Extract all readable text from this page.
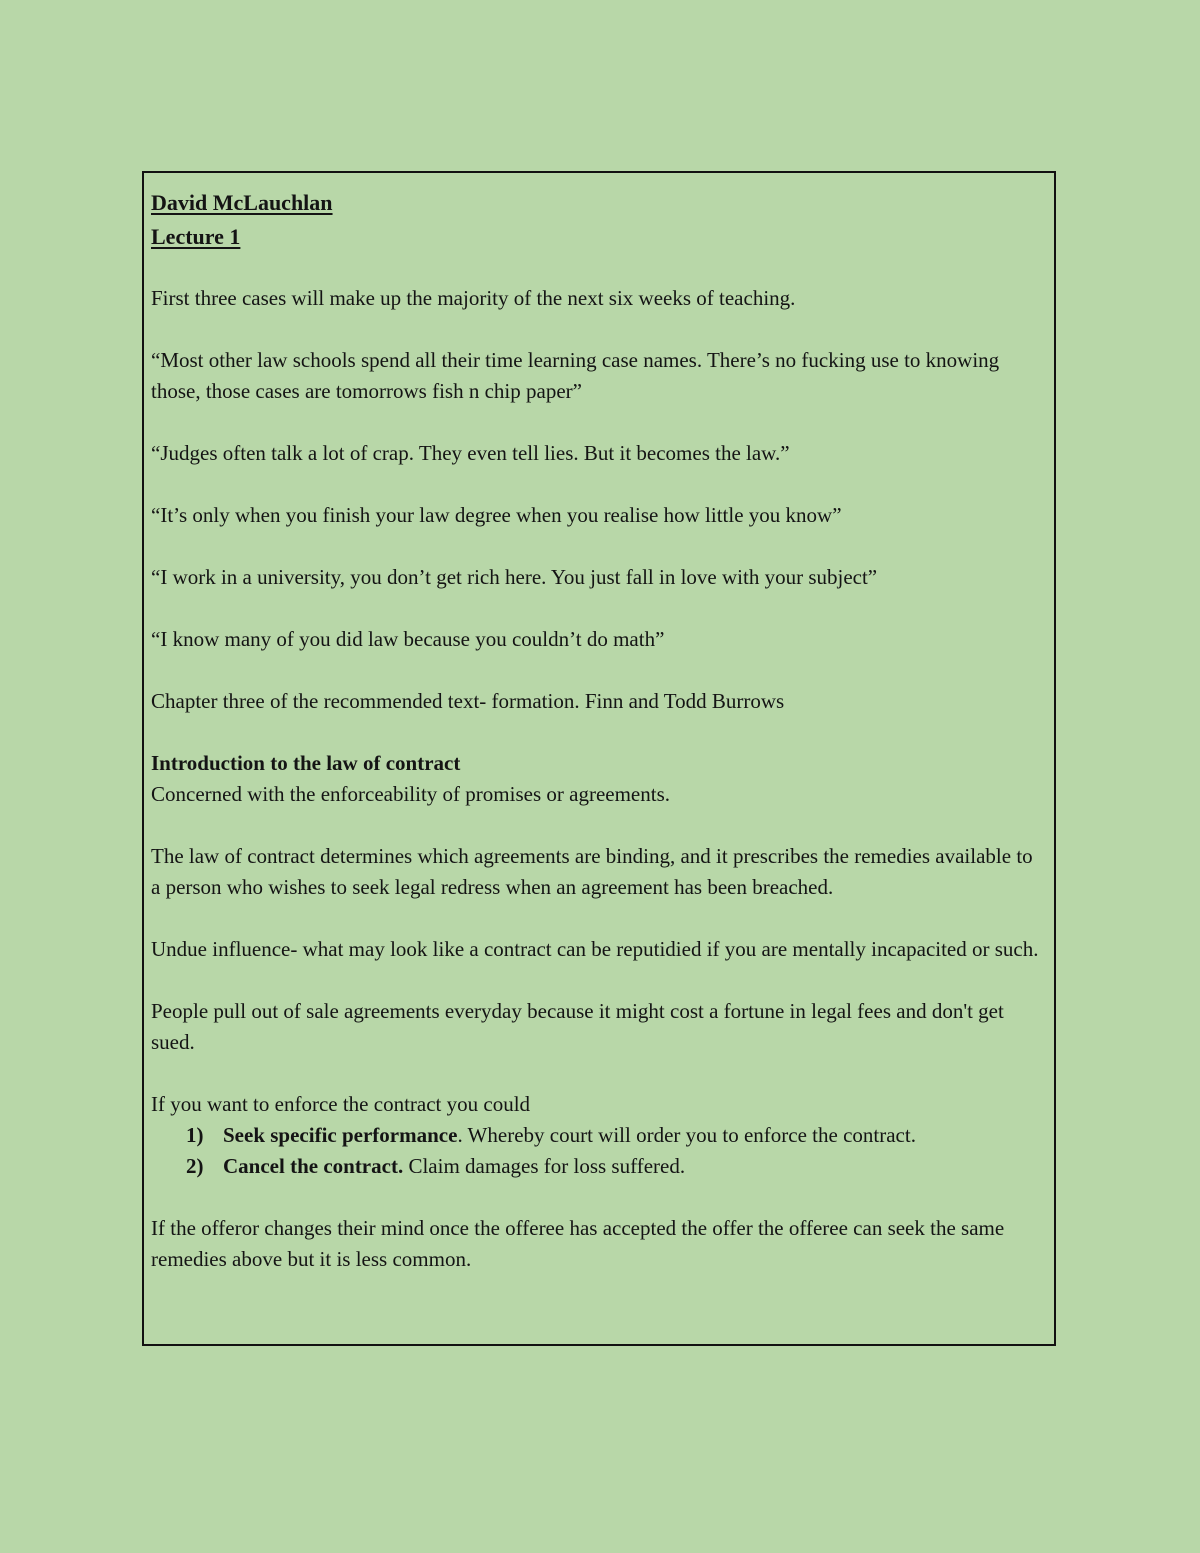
David McLauchlan

Lecture 1

First three cases will make up the majority of the next six weeks of teaching.

“Most other law schools spend all their time learning case names. There’s no fucking use to knowing those, those cases are tomorrows fish n chip paper”

“Judges often talk a lot of crap. They even tell lies. But it becomes the law.”

“It’s only when you finish your law degree when you realise how little you know”

“I work in a university, you don’t get rich here. You just fall in love with your subject”

“I know many of you did law because you couldn’t do math”

Chapter three of the recommended text- formation. Finn and Todd Burrows

Introduction to the law of contract

Concerned with the enforceability of promises or agreements.

The law of contract determines which agreements are binding, and it prescribes the remedies available to a person who wishes to seek legal redress when an agreement has been breached.

Undue influence- what may look like a contract can be reputidied if you are mentally incapacited or such.

People pull out of sale agreements everyday because it might cost a fortune in legal fees and don't get sued.

If you want to enforce the contract you could

1) Seek specific performance. Whereby court will order you to enforce the contract.
2) Cancel the contract. Claim damages for loss suffered.

If the offeror changes their mind once the offeree has accepted the offer the offeree can seek the same remedies above but it is less common.
